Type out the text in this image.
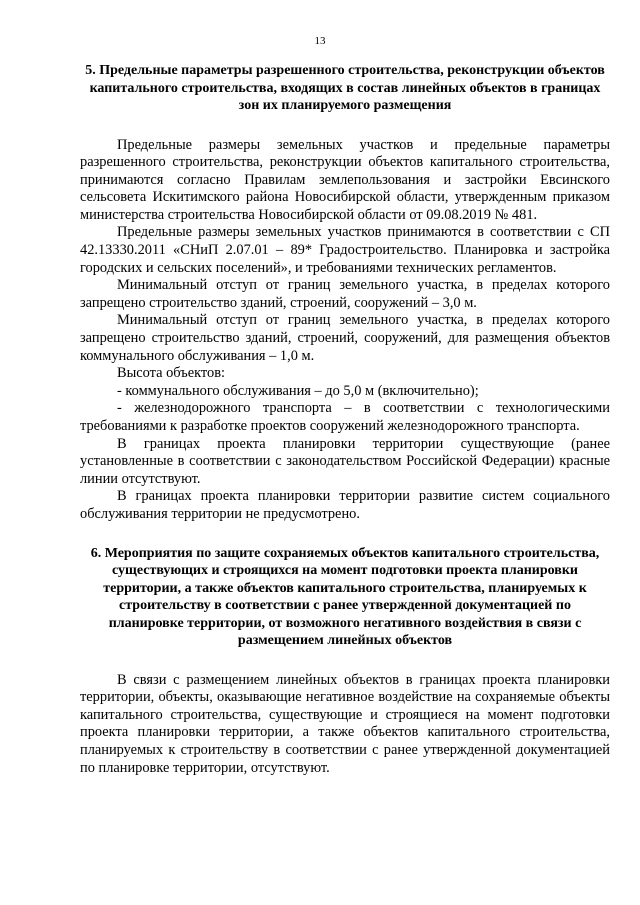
13

5. Предельные параметры разрешенного строительства, реконструкции объектов капитального строительства, входящих в состав линейных объектов в границах зон их планируемого размещения

Предельные размеры земельных участков и предельные параметры разрешенного строительства, реконструкции объектов капитального строительства, принимаются согласно Правилам землепользования и застройки Евсинского сельсовета Искитимского района Новосибирской области, утвержденным приказом министерства строительства Новосибирской области от 09.08.2019 № 481.

Предельные размеры земельных участков принимаются в соответствии с СП 42.13330.2011 «СНиП 2.07.01 – 89* Градостроительство. Планировка и застройка городских и сельских поселений», и требованиями технических регламентов.

Минимальный отступ от границ земельного участка, в пределах которого запрещено строительство зданий, строений, сооружений – 3,0 м.

Минимальный отступ от границ земельного участка, в пределах которого запрещено строительство зданий, строений, сооружений, для размещения объектов коммунального обслуживания – 1,0 м.

Высота объектов:

- коммунального обслуживания – до 5,0 м (включительно);

- железнодорожного транспорта – в соответствии с технологическими требованиями к разработке проектов сооружений железнодорожного транспорта.

В границах проекта планировки территории существующие (ранее установленные в соответствии с законодательством Российской Федерации) красные линии отсутствуют.

В границах проекта планировки территории развитие систем социального обслуживания территории не предусмотрено.

6. Мероприятия по защите сохраняемых объектов капитального строительства, существующих и строящихся на момент подготовки проекта планировки территории, а также объектов капитального строительства, планируемых к строительству в соответствии с ранее утвержденной документацией по планировке территории, от возможного негативного воздействия в связи с размещением линейных объектов

В связи с размещением линейных объектов в границах проекта планировки территории, объекты, оказывающие негативное воздействие на сохраняемые объекты капитального строительства, существующие и строящиеся на момент подготовки проекта планировки территории, а также объектов капитального строительства, планируемых к строительству в соответствии с ранее утвержденной документацией по планировке территории, отсутствуют.
